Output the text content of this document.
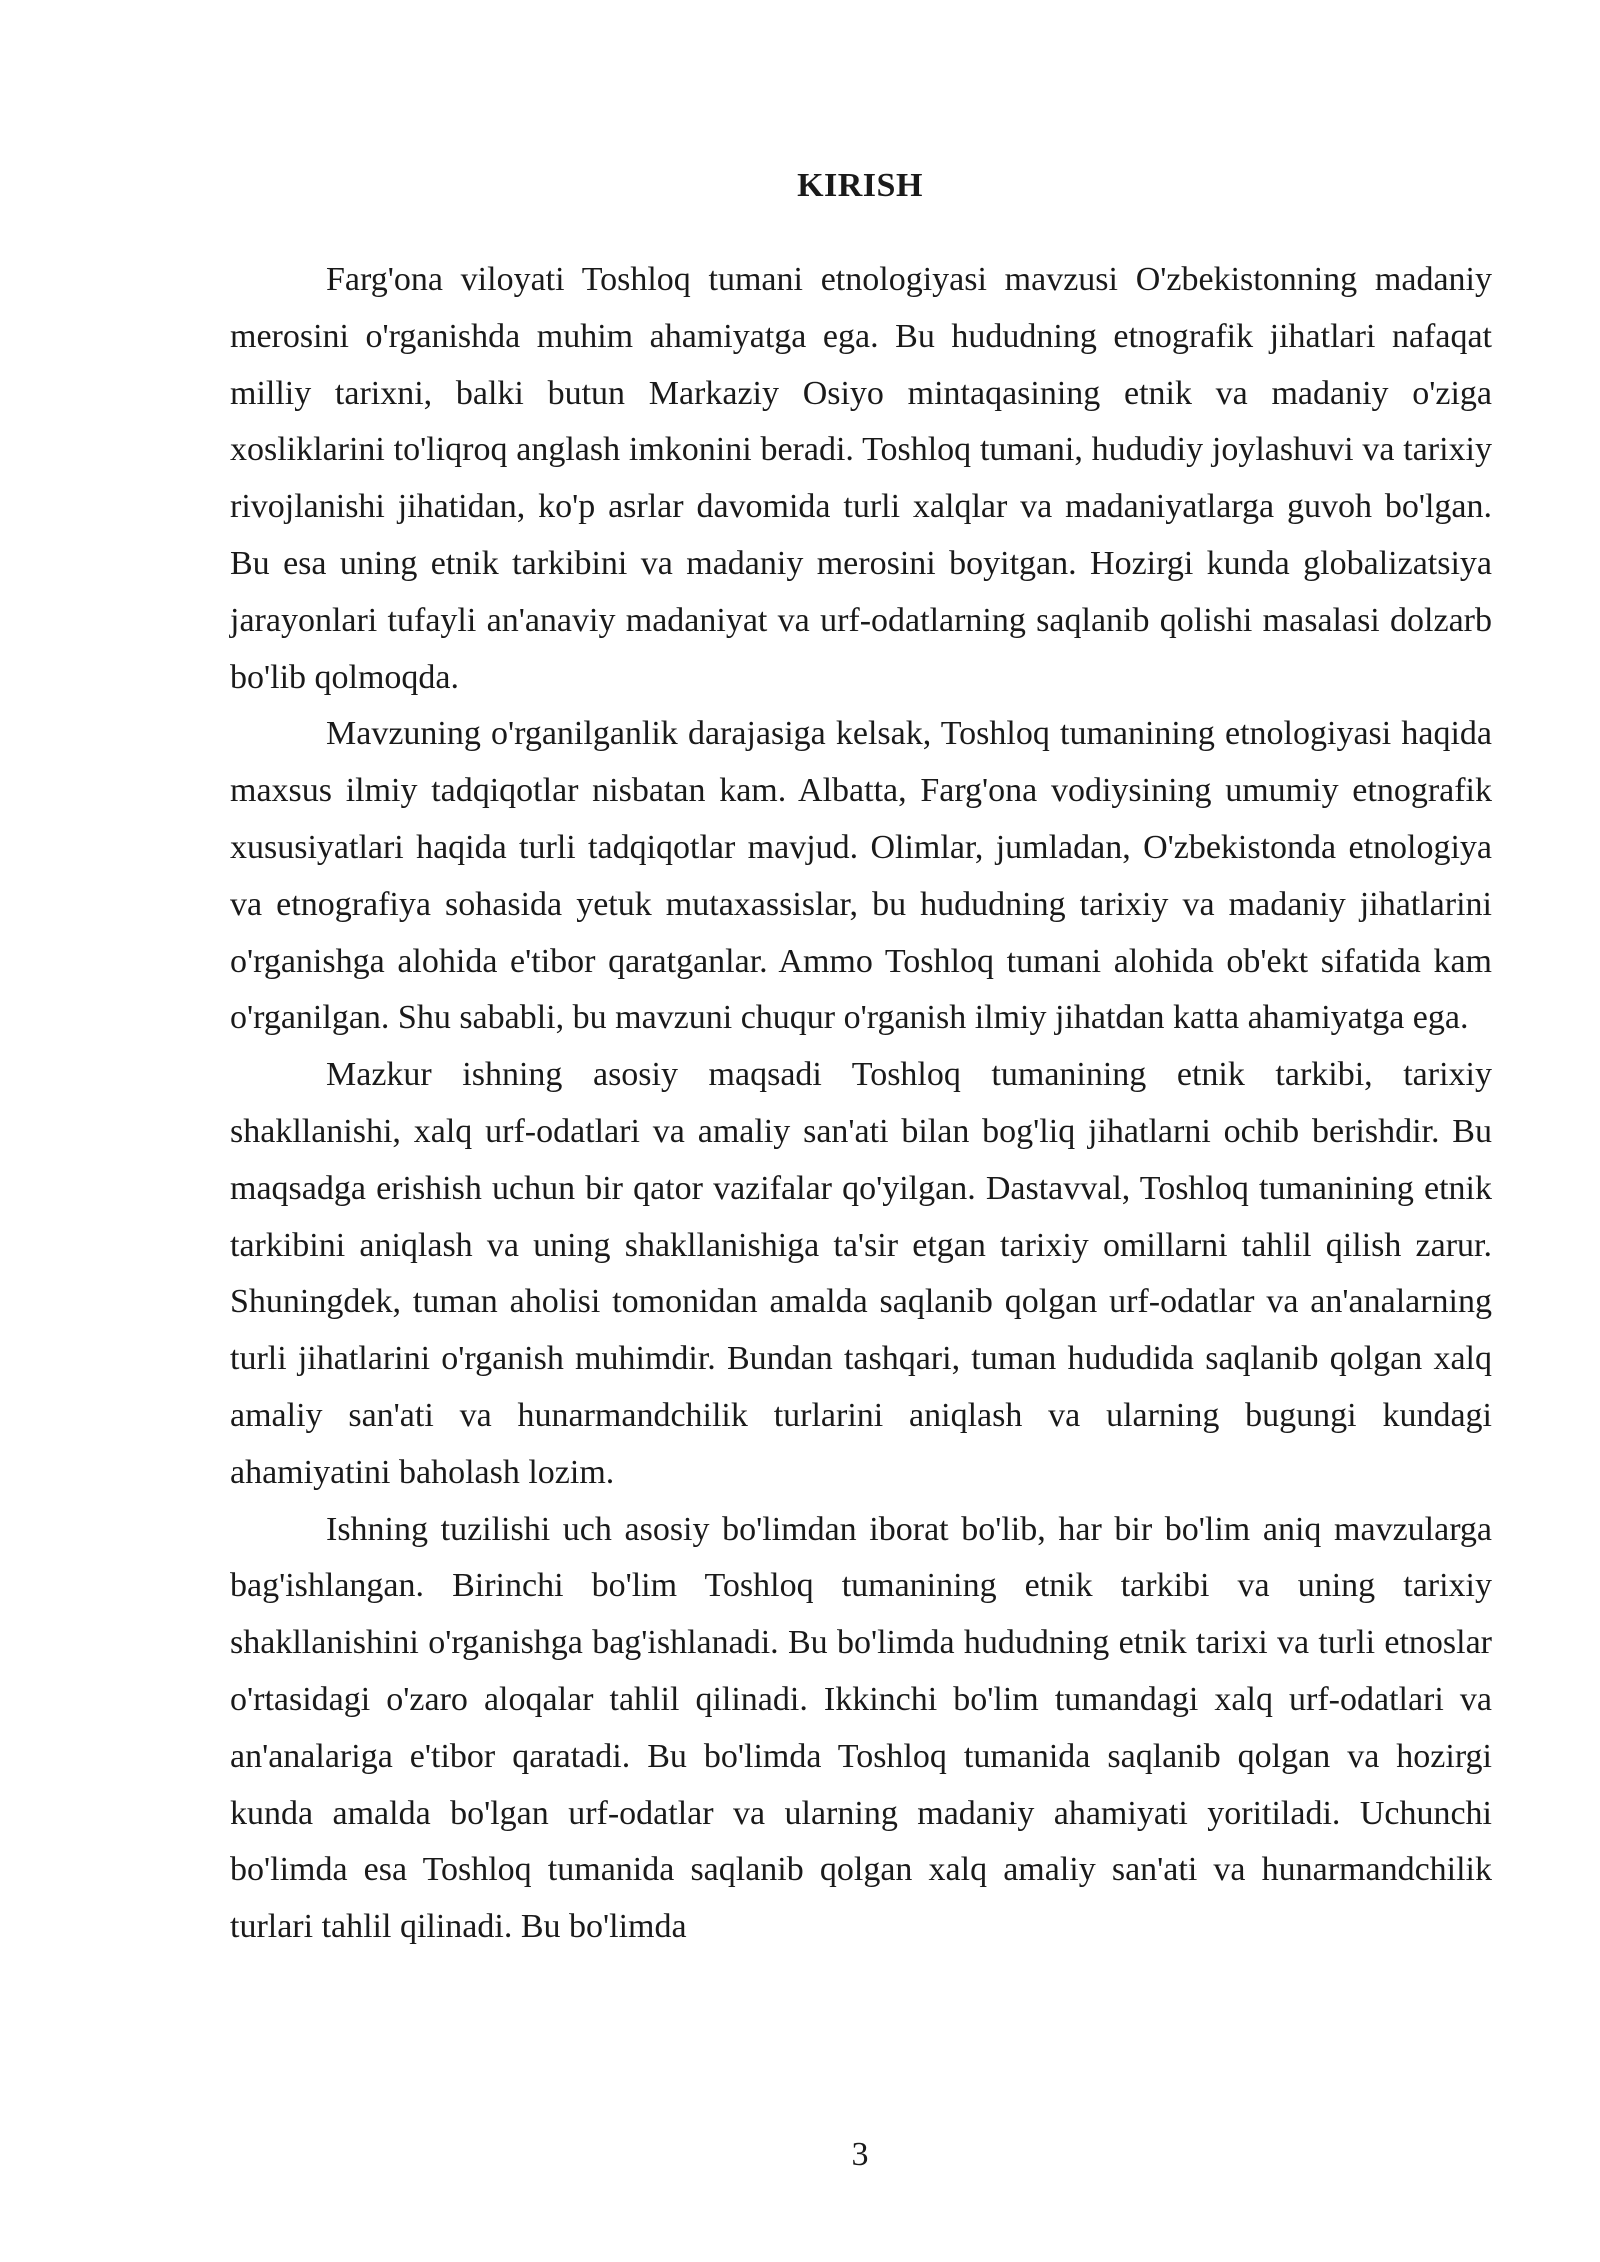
KIRISH

Farg'ona viloyati Toshloq tumani etnologiyasi mavzusi O'zbekistonning madaniy merosini o'rganishda muhim ahamiyatga ega. Bu hududning etnografik jihatlari nafaqat milliy tarixni, balki butun Markaziy Osiyo mintaqasining etnik va madaniy o'ziga xosliklarini to'liqroq anglash imkonini beradi. Toshloq tumani, hududiy joylashuvi va tarixiy rivojlanishi jihatidan, ko'p asrlar davomida turli xalqlar va madaniyatlarga guvoh bo'lgan. Bu esa uning etnik tarkibini va madaniy merosini boyitgan. Hozirgi kunda globalizatsiya jarayonlari tufayli an'anaviy madaniyat va urf-odatlarning saqlanib qolishi masalasi dolzarb bo'lib qolmoqda.

Mavzuning o'rganilganlik darajasiga kelsak, Toshloq tumanining etnologiyasi haqida maxsus ilmiy tadqiqotlar nisbatan kam. Albatta, Farg'ona vodiysining umumiy etnografik xususiyatlari haqida turli tadqiqotlar mavjud. Olimlar, jumladan, O'zbekistonda etnologiya va etnografiya sohasida yetuk mutaxassislar, bu hududning tarixiy va madaniy jihatlarini o'rganishga alohida e'tibor qaratganlar. Ammo Toshloq tumani alohida ob'ekt sifatida kam o'rganilgan. Shu sababli, bu mavzuni chuqur o'rganish ilmiy jihatdan katta ahamiyatga ega.

Mazkur ishning asosiy maqsadi Toshloq tumanining etnik tarkibi, tarixiy shakllanishi, xalq urf-odatlari va amaliy san'ati bilan bog'liq jihatlarni ochib berishdir. Bu maqsadga erishish uchun bir qator vazifalar qo'yilgan. Dastavval, Toshloq tumanining etnik tarkibini aniqlash va uning shakllanishiga ta'sir etgan tarixiy omillarni tahlil qilish zarur. Shuningdek, tuman aholisi tomonidan amalda saqlanib qolgan urf-odatlar va an'analarning turli jihatlarini o'rganish muhimdir. Bundan tashqari, tuman hududida saqlanib qolgan xalq amaliy san'ati va hunarmandchilik turlarini aniqlash va ularning bugungi kundagi ahamiyatini baholash lozim.

Ishning tuzilishi uch asosiy bo'limdan iborat bo'lib, har bir bo'lim aniq mavzularga bag'ishlangan. Birinchi bo'lim Toshloq tumanining etnik tarkibi va uning tarixiy shakllanishini o'rganishga bag'ishlanadi. Bu bo'limda hududning etnik tarixi va turli etnoslar o'rtasidagi o'zaro aloqalar tahlil qilinadi. Ikkinchi bo'lim tumandagi xalq urf-odatlari va an'analariga e'tibor qaratadi. Bu bo'limda Toshloq tumanida saqlanib qolgan va hozirgi kunda amalda bo'lgan urf-odatlar va ularning madaniy ahamiyati yoritiladi. Uchunchi bo'limda esa Toshloq tumanida saqlanib qolgan xalq amaliy san'ati va hunarmandchilik turlari tahlil qilinadi. Bu bo'limda

3
